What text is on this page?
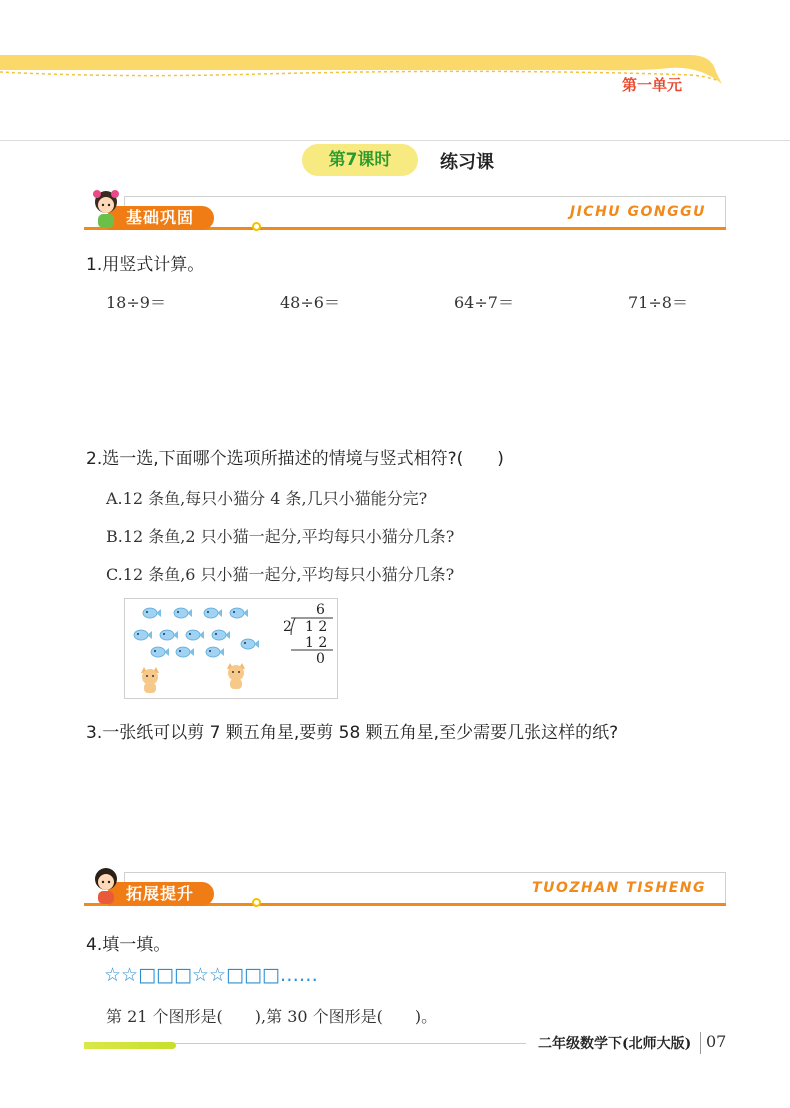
第一单元
第7课时	练习课
基础巩固	JICHU GONGGU
1.用竖式计算。
18÷9＝	48÷6＝	64÷7＝	71÷8＝
2.选一选,下面哪个选项所描述的情境与竖式相符?(　　)
A.12 条鱼,每只小猫分 4 条,几只小猫能分完?
B.12 条鱼,2 只小猫一起分,平均每只小猫分几条?
C.12 条鱼,6 只小猫一起分,平均每只小猫分几条?
6
2 1 2
1 2
0
3.一张纸可以剪 7 颗五角星,要剪 58 颗五角星,至少需要几张这样的纸?
拓展提升	TUOZHAN TISHENG
4.填一填。
☆☆□□□☆☆□□□……
第 21 个图形是(　　),第 30 个图形是(　　)。
二年级数学下(北师大版) 07
